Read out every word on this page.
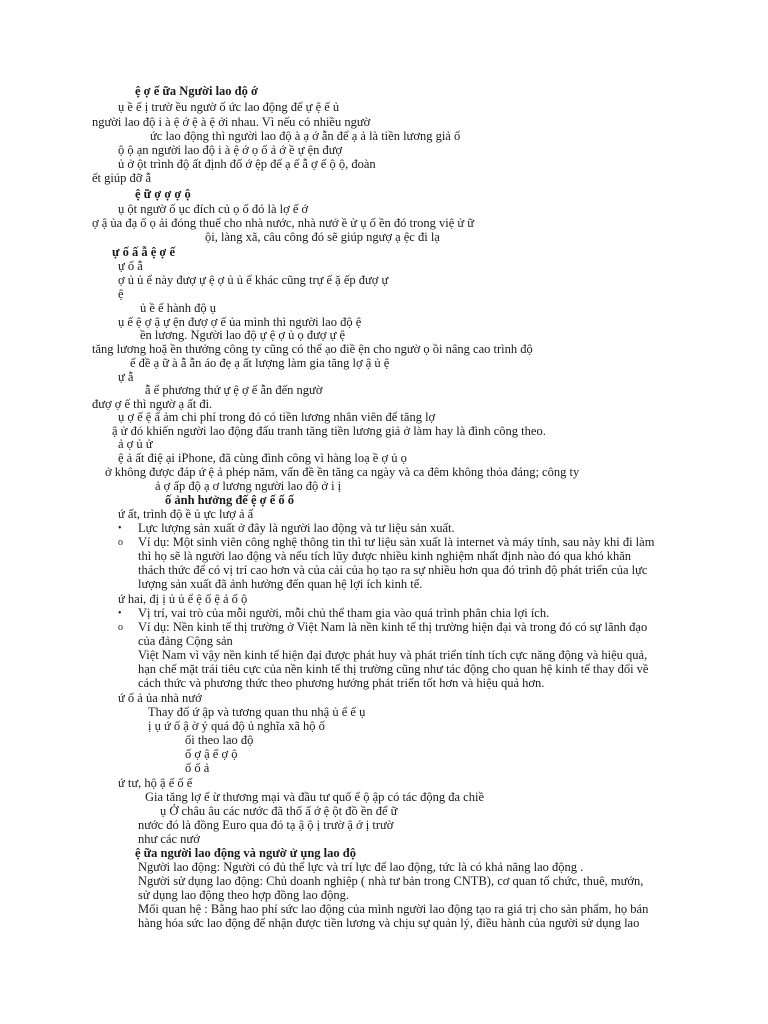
ệ ợ ế ữa Người lao độ ớ
ụ ề ế ị trườ ều ngườ ố ức lao động để ự ệ ế ủ
người lao độ i à ệ ớ ệ à ệ ới nhau. Vì nếu có nhiều ngườ
ức lao động thì người lao độ à ạ ớ ẫn để ạ ả là tiền lương giả ố
ộ ộ ạn người lao độ i à ệ ớ ọ ố ả ớ ề ự ện đượ
ủ ở ột trình độ ất định đố ớ ệp để ạ ế ẫ ợ ế ộ ộ, đoàn
ết giúp đỡ ẫ
ệ ữ ợ ợ ợ ộ
ụ ột ngườ ố ục đích củ ọ ố đó là lợ ế ớ
ợ ậ ủa đạ ố ọ ải đóng thuế cho nhà nước, nhà nướ ề ử ụ ố ền đó trong việ ử ữ
ội, làng xã, câu công đó sẽ giúp ngượ ạ ệc đi lạ
ự ố ấ ẫ ệ ợ ế
ự ố ẫ
ợ ủ ủ ể này đượ ự ệ ợ ủ ủ ể khác cũng trự ế ặ ếp đượ ự
ệ
ủ ề ế hành độ ụ
ụ ế ệ ợ ậ ự ện đượ ợ ế ủa mình thì người lao độ ệ
ền lương. Người lao độ ự ệ ợ ủ ọ đượ ự ệ
tăng lương hoặ ền thưởng công ty cũng có thể ạo điề ện cho ngườ ọ ồi nâng cao trình độ
ể đề ạ ữ à ẫ ẫn áo đẹ ạ ất lượng làm gia tăng lợ ậ ủ ệ
ự ẫ
ẫ ể phương thứ ự ệ ợ ế ẫn đến ngườ
đượ ợ ế thì ngườ ạ ất đi.
ụ ợ ế ệ ấ ảm chi phí trong đó có tiền lương nhân viên để tăng lợ
ậ ử đó khiến người lao động đấu tranh tăng tiền lương giả ở làm hay là đình công theo.
ả ợ ủ ử
ệ ả ất điệ ại iPhone, đã cùng đình công vì hàng loạ ề ợ ủ ọ
ở không được đáp ứ ệ ả phép năm, vấn đề ền tăng ca ngày và ca đêm không thỏa đáng; công ty
ả ợ ấp độ ạ ơ lương người lao độ ở i ị
ố ảnh hưởng đế ệ ợ ế ố ố
ứ ất, trình độ ề ủ ực lượ ả ấ
• Lực lượng sản xuất ở đây là người lao động và tư liệu sản xuất.
o Ví dụ: Một sinh viên công nghệ thông tin thì tư liệu sản xuất là internet và máy tính, sau này khi đi làm
thì họ sẽ là người lao động và nếu tích lũy được nhiều kinh nghiệm nhất định nào đó qua khó khăn
thách thức để có vị trí cao hơn và của cải của họ tạo ra sự nhiều hơn qua đó trình độ phát triển của lực
lượng sản xuất đã ảnh hưởng đến quan hệ lợi ích kinh tế.
ứ hai, đị ị ủ ủ ể ệ ố ệ ả ố ộ
• Vị trí, vai trò của mỗi người, mỗi chủ thể tham gia vào quá trình phân chia lợi ích.
o Ví dụ: Nền kinh tế thị trường ở Việt Nam là nền kinh tế thị trường hiện đại và trong đó có sự lãnh đạo
của đảng Cộng sản
Việt Nam vì vậy nền kinh tế hiện đại được phát huy và phát triển tính tích cực năng động và hiệu quả,
hạn chế mặt trái tiêu cực của nền kinh tế thị trường cũng như tác động cho quan hệ kinh tế thay đổi về
cách thức và phương thức theo phương hướng phát triển tốt hơn và hiệu quả hơn.
ứ ố ả ủa nhà nướ
Thay đổ ứ ập và tương quan thu nhậ ủ ể ế ụ
ị ụ ứ ố ậ ờ ý quá độ ủ nghĩa xã hộ ố
ối theo lao độ
ố ợ ậ ể ợ ộ
ố ố ả
ứ tư, hộ ậ ế ố ế
Gia tăng lợ ế ừ thương mại và đầu tư quố ế ộ ập có tác động đa chiề
ụ Ở châu âu các nước đã thố ấ ớ ệ ột đồ ền để ữ
nước đó là đồng Euro qua đó tạ ậ ộ ị trườ ậ ớ ị trườ
như các nướ
ệ ữa người lao động và ngườ ử ụng lao độ
Người lao động: Người có đủ thể lực và trí lực để lao động, tức là có khả năng lao động .
Người sử dụng lao động: Chủ doanh nghiệp ( nhà tư bản trong CNTB), cơ quan tổ chức, thuê, mướn,
sử dụng lao động theo hợp đồng lao động.
Mối quan hệ : Bằng hao phí sức lao động của mình người lao động tạo ra giá trị cho sản phẩm, họ bán
hàng hóa sức lao động để nhận được tiền lương và chịu sự quản lý, điều hành của người sử dụng lao
